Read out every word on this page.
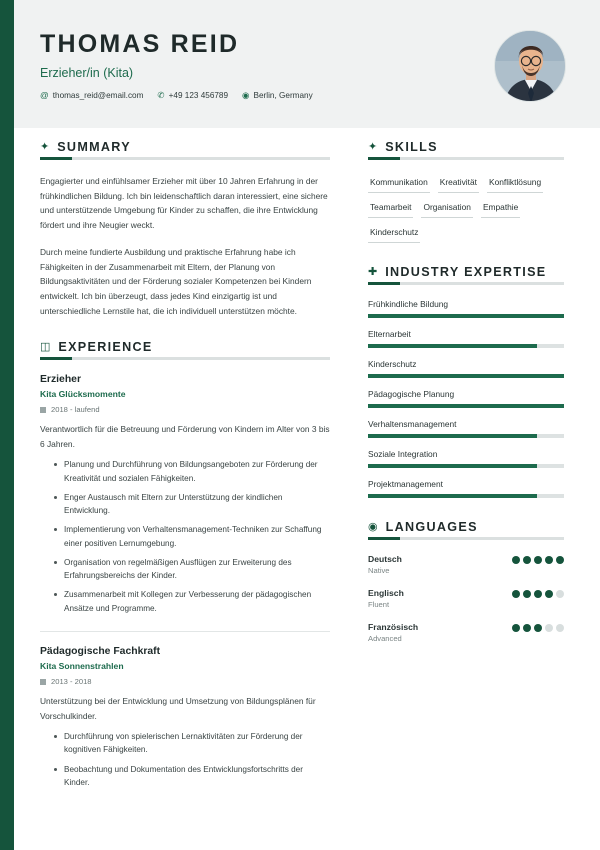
THOMAS REID
Erzieher/in (Kita)
@ thomas_reid@email.com ✆ +49 123 456789 ◉ Berlin, Germany
✦ SUMMARY

Engagierter und einfühlsamer Erzieher mit über 10 Jahren Erfahrung in der frühkindlichen Bildung. Ich bin leidenschaftlich daran interessiert, eine sichere und unterstützende Umgebung für Kinder zu schaffen, die ihre Entwicklung fördert und ihre Neugier weckt.

Durch meine fundierte Ausbildung und praktische Erfahrung habe ich Fähigkeiten in der Zusammenarbeit mit Eltern, der Planung von Bildungsaktivitäten und der Förderung sozialer Kompetenzen bei Kindern entwickelt. Ich bin überzeugt, dass jedes Kind einzigartig ist und unterschiedliche Lernstile hat, die ich individuell unterstützen möchte.

◫ EXPERIENCE
Erzieher
Kita Glücksmomente
2018 - laufend
Verantwortlich für die Betreuung und Förderung von Kindern im Alter von 3 bis 6 Jahren.
Planung und Durchführung von Bildungsangeboten zur Förderung der Kreativität und sozialen Fähigkeiten.
Enger Austausch mit Eltern zur Unterstützung der kindlichen Entwicklung.
Implementierung von Verhaltensmanagement-Techniken zur Schaffung einer positiven Lernumgebung.
Organisation von regelmäßigen Ausflügen zur Erweiterung des Erfahrungsbereichs der Kinder.
Zusammenarbeit mit Kollegen zur Verbesserung der pädagogischen Ansätze und Programme.
Pädagogische Fachkraft
Kita Sonnenstrahlen
2013 - 2018
Unterstützung bei der Entwicklung und Umsetzung von Bildungsplänen für Vorschulkinder.
Durchführung von spielerischen Lernaktivitäten zur Förderung der kognitiven Fähigkeiten.
Beobachtung und Dokumentation des Entwicklungsfortschritts der Kinder.
✦ SKILLS
Kommunikation Kreativität Konfliktlösung
Teamarbeit Organisation Empathie
Kinderschutz
✚ INDUSTRY EXPERTISE
Frühkindliche Bildung
Elternarbeit
Kinderschutz
Pädagogische Planung
Verhaltensmanagement
Soziale Integration
Projektmanagement
◉ LANGUAGES
Deutsch
Native
Englisch
Fluent
Französisch
Advanced
